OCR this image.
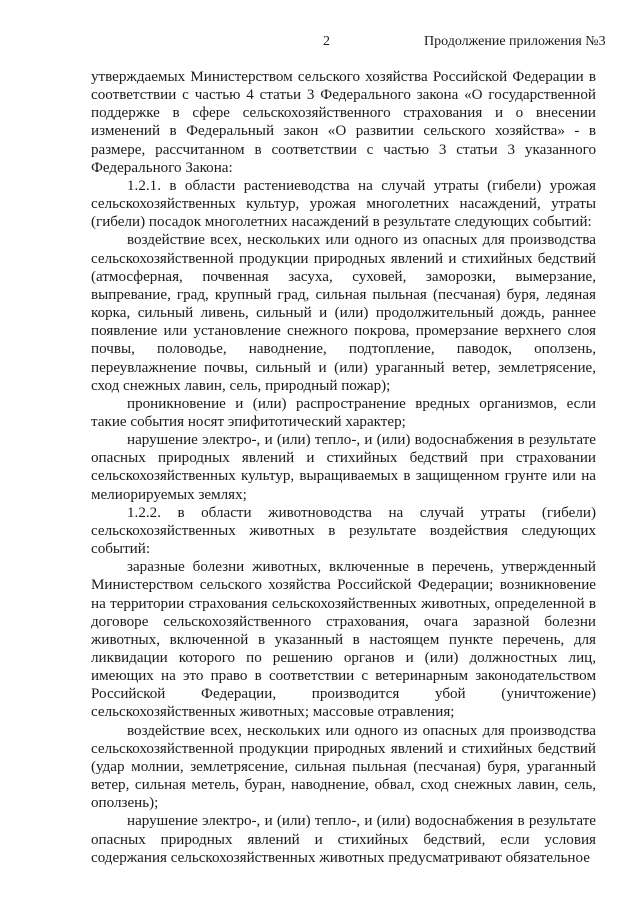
2	Продолжение приложения №3

утверждаемых Министерством сельского хозяйства Российской Федерации в соответствии с частью 4 статьи 3 Федерального закона «О государственной поддержке в сфере сельскохозяйственного страхования и о внесении изменений в Федеральный закон «О развитии сельского хозяйства» - в размере, рассчитанном в соответствии с частью 3 статьи 3 указанного Федерального Закона:

1.2.1. в области растениеводства на случай утраты (гибели) урожая сельскохозяйственных культур, урожая многолетних насаждений, утраты (гибели) посадок многолетних насаждений в результате следующих событий:

воздействие всех, нескольких или одного из опасных для производства сельскохозяйственной продукции природных явлений и стихийных бедствий (атмосферная, почвенная засуха, суховей, заморозки, вымерзание, выпревание, град, крупный град, сильная пыльная (песчаная) буря, ледяная корка, сильный ливень, сильный и (или) продолжительный дождь, раннее появление или установление снежного покрова, промерзание верхнего слоя почвы, половодье, наводнение, подтопление, паводок, оползень, переувлажнение почвы, сильный и (или) ураганный ветер, землетрясение, сход снежных лавин, сель, природный пожар);

проникновение и (или) распространение вредных организмов, если такие события носят эпифитотический характер;

нарушение электро-, и (или) тепло-, и (или) водоснабжения в результате опасных природных явлений и стихийных бедствий при страховании сельскохозяйственных культур, выращиваемых в защищенном грунте или на мелиорируемых землях;

1.2.2. в области животноводства на случай утраты (гибели) сельскохозяйственных животных в результате воздействия следующих событий:

заразные болезни животных, включенные в перечень, утвержденный Министерством сельского хозяйства Российской Федерации; возникновение на территории страхования сельскохозяйственных животных, определенной в договоре сельскохозяйственного страхования, очага заразной болезни животных, включенной в указанный в настоящем пункте перечень, для ликвидации которого по решению органов и (или) должностных лиц, имеющих на это право в соответствии с ветеринарным законодательством Российской Федерации, производится убой (уничтожение) сельскохозяйственных животных; массовые отравления;

воздействие всех, нескольких или одного из опасных для производства сельскохозяйственной продукции природных явлений и стихийных бедствий (удар молнии, землетрясение, сильная пыльная (песчаная) буря, ураганный ветер, сильная метель, буран, наводнение, обвал, сход снежных лавин, сель, оползень);

нарушение электро-, и (или) тепло-, и (или) водоснабжения в результате опасных природных явлений и стихийных бедствий, если условия содержания сельскохозяйственных животных предусматривают обязательное
